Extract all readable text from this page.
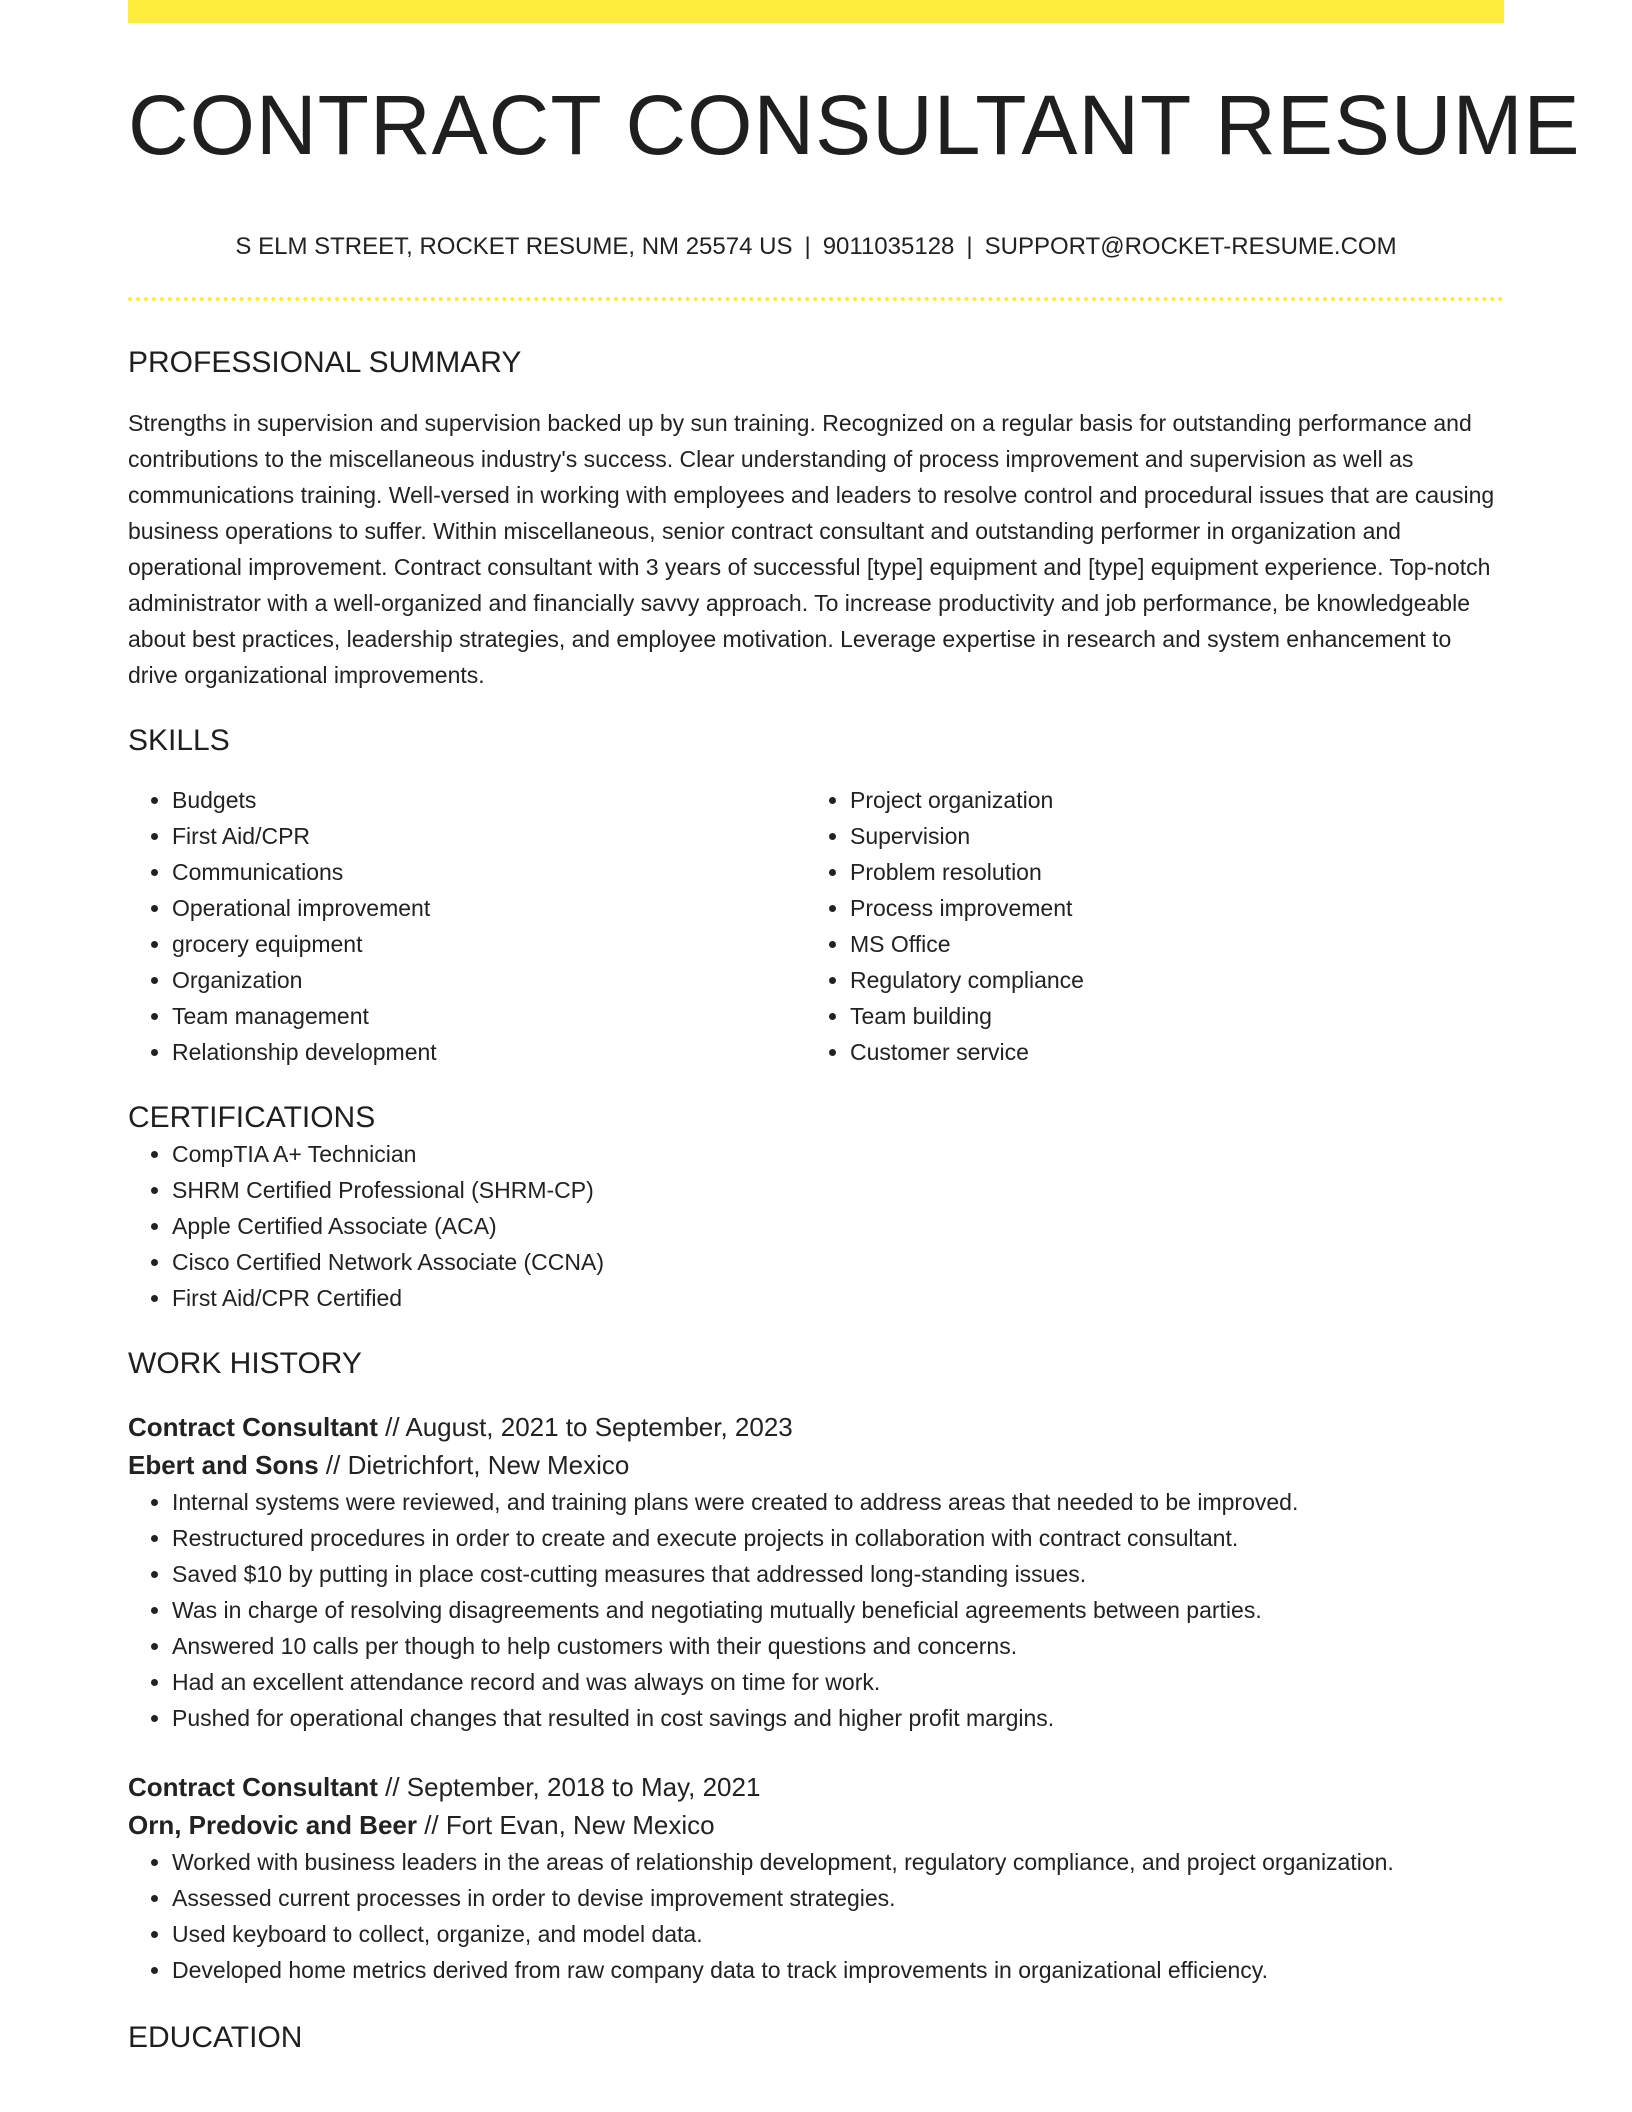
CONTRACT CONSULTANT RESUME
S ELM STREET, ROCKET RESUME, NM 25574 US | 9011035128 | SUPPORT@ROCKET-RESUME.COM
PROFESSIONAL SUMMARY
Strengths in supervision and supervision backed up by sun training. Recognized on a regular basis for outstanding performance and contributions to the miscellaneous industry's success. Clear understanding of process improvement and supervision as well as communications training. Well-versed in working with employees and leaders to resolve control and procedural issues that are causing business operations to suffer. Within miscellaneous, senior contract consultant and outstanding performer in organization and operational improvement. Contract consultant with 3 years of successful [type] equipment and [type] equipment experience. Top-notch administrator with a well-organized and financially savvy approach. To increase productivity and job performance, be knowledgeable about best practices, leadership strategies, and employee motivation. Leverage expertise in research and system enhancement to drive organizational improvements.
SKILLS
• Budgets
• First Aid/CPR
• Communications
• Operational improvement
• grocery equipment
• Organization
• Team management
• Relationship development
• Project organization
• Supervision
• Problem resolution
• Process improvement
• MS Office
• Regulatory compliance
• Team building
• Customer service
CERTIFICATIONS
• CompTIA A+ Technician
• SHRM Certified Professional (SHRM-CP)
• Apple Certified Associate (ACA)
• Cisco Certified Network Associate (CCNA)
• First Aid/CPR Certified
WORK HISTORY
Contract Consultant // August, 2021 to September, 2023
Ebert and Sons // Dietrichfort, New Mexico
• Internal systems were reviewed, and training plans were created to address areas that needed to be improved.
• Restructured procedures in order to create and execute projects in collaboration with contract consultant.
• Saved $10 by putting in place cost-cutting measures that addressed long-standing issues.
• Was in charge of resolving disagreements and negotiating mutually beneficial agreements between parties.
• Answered 10 calls per though to help customers with their questions and concerns.
• Had an excellent attendance record and was always on time for work.
• Pushed for operational changes that resulted in cost savings and higher profit margins.
Contract Consultant // September, 2018 to May, 2021
Orn, Predovic and Beer // Fort Evan, New Mexico
• Worked with business leaders in the areas of relationship development, regulatory compliance, and project organization.
• Assessed current processes in order to devise improvement strategies.
• Used keyboard to collect, organize, and model data.
• Developed home metrics derived from raw company data to track improvements in organizational efficiency.
EDUCATION
